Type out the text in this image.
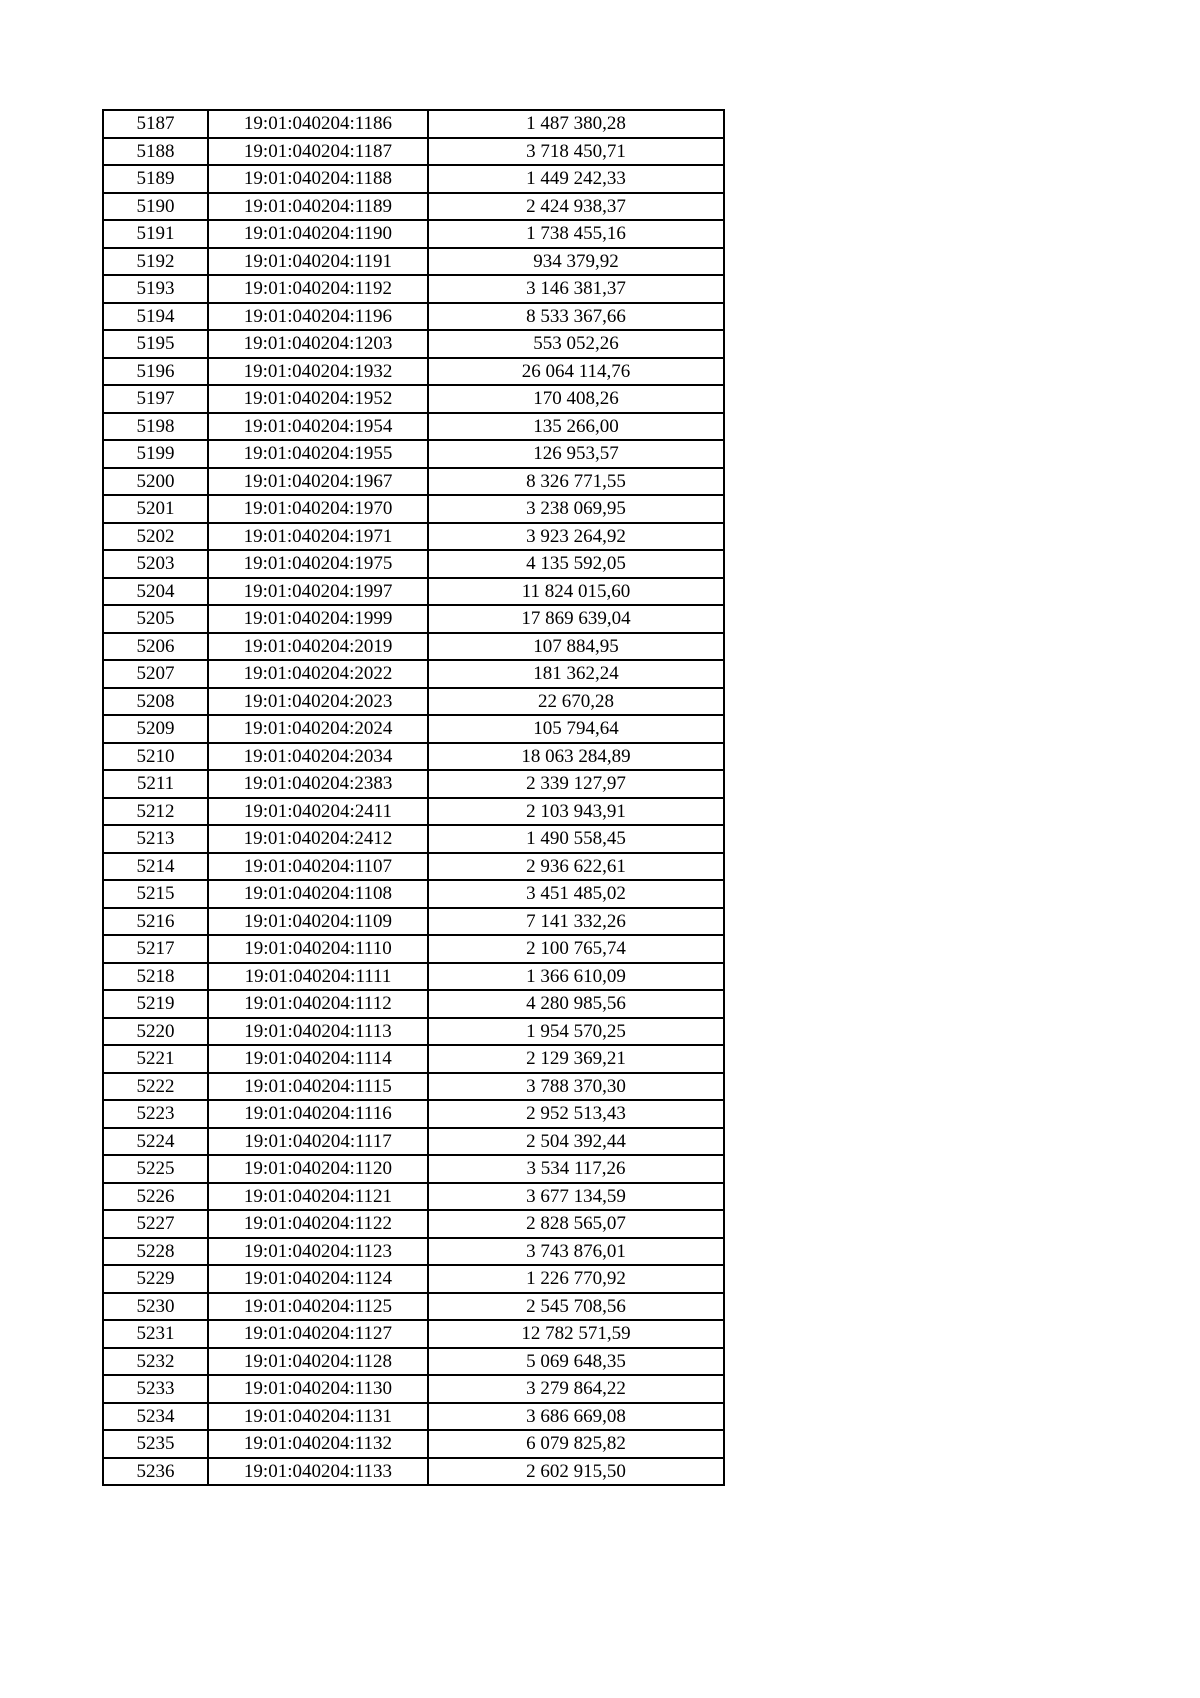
5187	19:01:040204:1186	1 487 380,28
5188	19:01:040204:1187	3 718 450,71
5189	19:01:040204:1188	1 449 242,33
5190	19:01:040204:1189	2 424 938,37
5191	19:01:040204:1190	1 738 455,16
5192	19:01:040204:1191	934 379,92
5193	19:01:040204:1192	3 146 381,37
5194	19:01:040204:1196	8 533 367,66
5195	19:01:040204:1203	553 052,26
5196	19:01:040204:1932	26 064 114,76
5197	19:01:040204:1952	170 408,26
5198	19:01:040204:1954	135 266,00
5199	19:01:040204:1955	126 953,57
5200	19:01:040204:1967	8 326 771,55
5201	19:01:040204:1970	3 238 069,95
5202	19:01:040204:1971	3 923 264,92
5203	19:01:040204:1975	4 135 592,05
5204	19:01:040204:1997	11 824 015,60
5205	19:01:040204:1999	17 869 639,04
5206	19:01:040204:2019	107 884,95
5207	19:01:040204:2022	181 362,24
5208	19:01:040204:2023	22 670,28
5209	19:01:040204:2024	105 794,64
5210	19:01:040204:2034	18 063 284,89
5211	19:01:040204:2383	2 339 127,97
5212	19:01:040204:2411	2 103 943,91
5213	19:01:040204:2412	1 490 558,45
5214	19:01:040204:1107	2 936 622,61
5215	19:01:040204:1108	3 451 485,02
5216	19:01:040204:1109	7 141 332,26
5217	19:01:040204:1110	2 100 765,74
5218	19:01:040204:1111	1 366 610,09
5219	19:01:040204:1112	4 280 985,56
5220	19:01:040204:1113	1 954 570,25
5221	19:01:040204:1114	2 129 369,21
5222	19:01:040204:1115	3 788 370,30
5223	19:01:040204:1116	2 952 513,43
5224	19:01:040204:1117	2 504 392,44
5225	19:01:040204:1120	3 534 117,26
5226	19:01:040204:1121	3 677 134,59
5227	19:01:040204:1122	2 828 565,07
5228	19:01:040204:1123	3 743 876,01
5229	19:01:040204:1124	1 226 770,92
5230	19:01:040204:1125	2 545 708,56
5231	19:01:040204:1127	12 782 571,59
5232	19:01:040204:1128	5 069 648,35
5233	19:01:040204:1130	3 279 864,22
5234	19:01:040204:1131	3 686 669,08
5235	19:01:040204:1132	6 079 825,82
5236	19:01:040204:1133	2 602 915,50
